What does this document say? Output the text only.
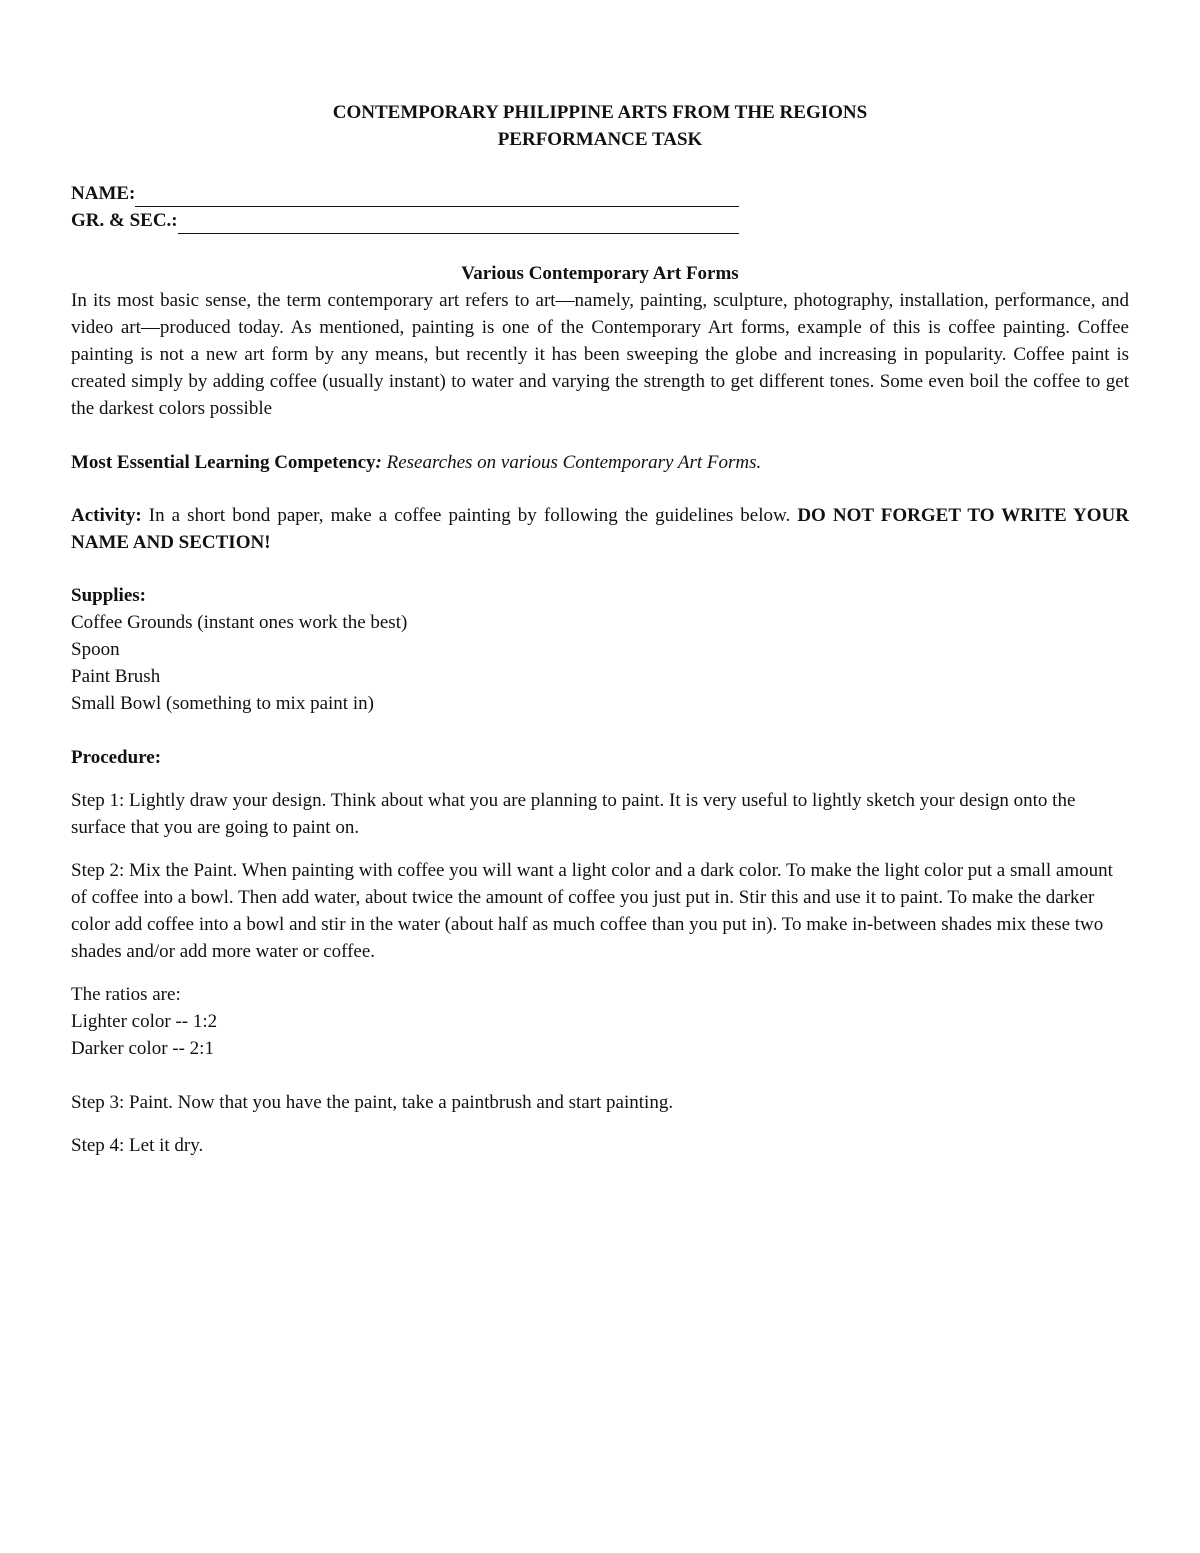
CONTEMPORARY PHILIPPINE ARTS FROM THE REGIONS
PERFORMANCE TASK
NAME:
GR. & SEC.:
Various Contemporary Art Forms

In its most basic sense, the term contemporary art refers to art—namely, painting, sculpture, photography, installation, performance, and video art—produced today. As mentioned, painting is one of the Contemporary Art forms, example of this is coffee painting. Coffee painting is not a new art form by any means, but recently it has been sweeping the globe and increasing in popularity. Coffee paint is created simply by adding coffee (usually instant) to water and varying the strength to get different tones. Some even boil the coffee to get the darkest colors possible

Most Essential Learning Competency: Researches on various Contemporary Art Forms.

Activity: In a short bond paper, make a coffee painting by following the guidelines below. DO NOT FORGET TO WRITE YOUR NAME AND SECTION!

Supplies:

Coffee Grounds (instant ones work the best)

Spoon

Paint Brush

Small Bowl (something to mix paint in)

Procedure:

Step 1: Lightly draw your design. Think about what you are planning to paint. It is very useful to lightly sketch your design onto the surface that you are going to paint on.

Step 2: Mix the Paint. When painting with coffee you will want a light color and a dark color. To make the light color put a small amount of coffee into a bowl. Then add water, about twice the amount of coffee you just put in. Stir this and use it to paint. To make the darker color add coffee into a bowl and stir in the water (about half as much coffee than you put in). To make in-between shades mix these two shades and/or add more water or coffee.

The ratios are:

Lighter color -- 1:2

Darker color -- 2:1

Step 3: Paint. Now that you have the paint, take a paintbrush and start painting.

Step 4: Let it dry.
